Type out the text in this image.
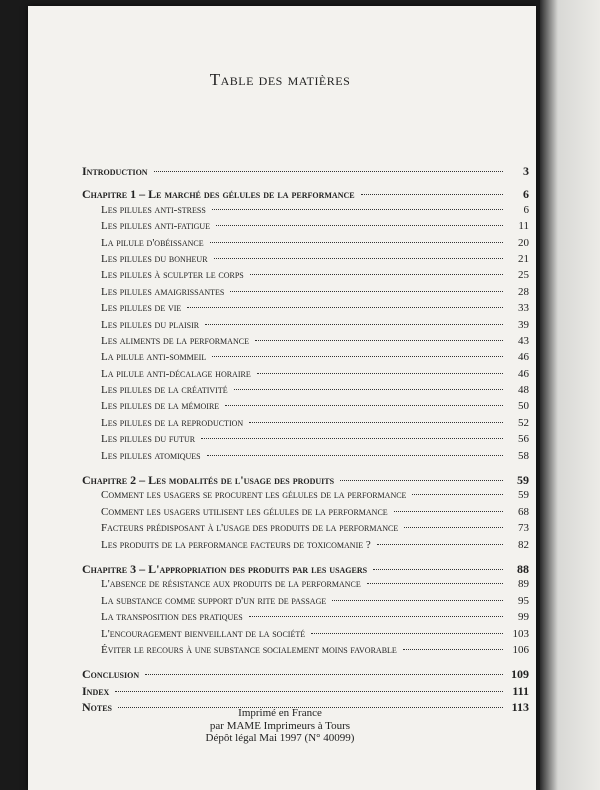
Table des matières
Introduction	3
Chapitre 1 – Le marché des gélules de la performance	6
Les pilules anti-stress	6
Les pilules anti-fatigue	11
La pilule d'obéissance	20
Les pilules du bonheur	21
Les pilules à sculpter le corps	25
Les pilules amaigrissantes	28
Les pilules de vie	33
Les pilules du plaisir	39
Les aliments de la performance	43
La pilule anti-sommeil	46
La pilule anti-décalage horaire	46
Les pilules de la créativité	48
Les pilules de la mémoire	50
Les pilules de la reproduction	52
Les pilules du futur	56
Les pilules atomiques	58
Chapitre 2 – Les modalités de l'usage des produits	59
Comment les usagers se procurent les gélules de la performance	59
Comment les usagers utilisent les gélules de la performance	68
Facteurs prédisposant à l'usage des produits de la performance	73
Les produits de la performance facteurs de toxicomanie ?	82
Chapitre 3 – L'appropriation des produits par les usagers	88
L'absence de résistance aux produits de la performance	89
La substance comme support d'un rite de passage	95
La transposition des pratiques	99
L'encouragement bienveillant de la société	103
Éviter le recours à une substance socialement moins favorable	106
Conclusion	109
Index	111
Notes	113
Imprimé en France
par MAME Imprimeurs à Tours
Dépôt légal Mai 1997 (N° 40099)
